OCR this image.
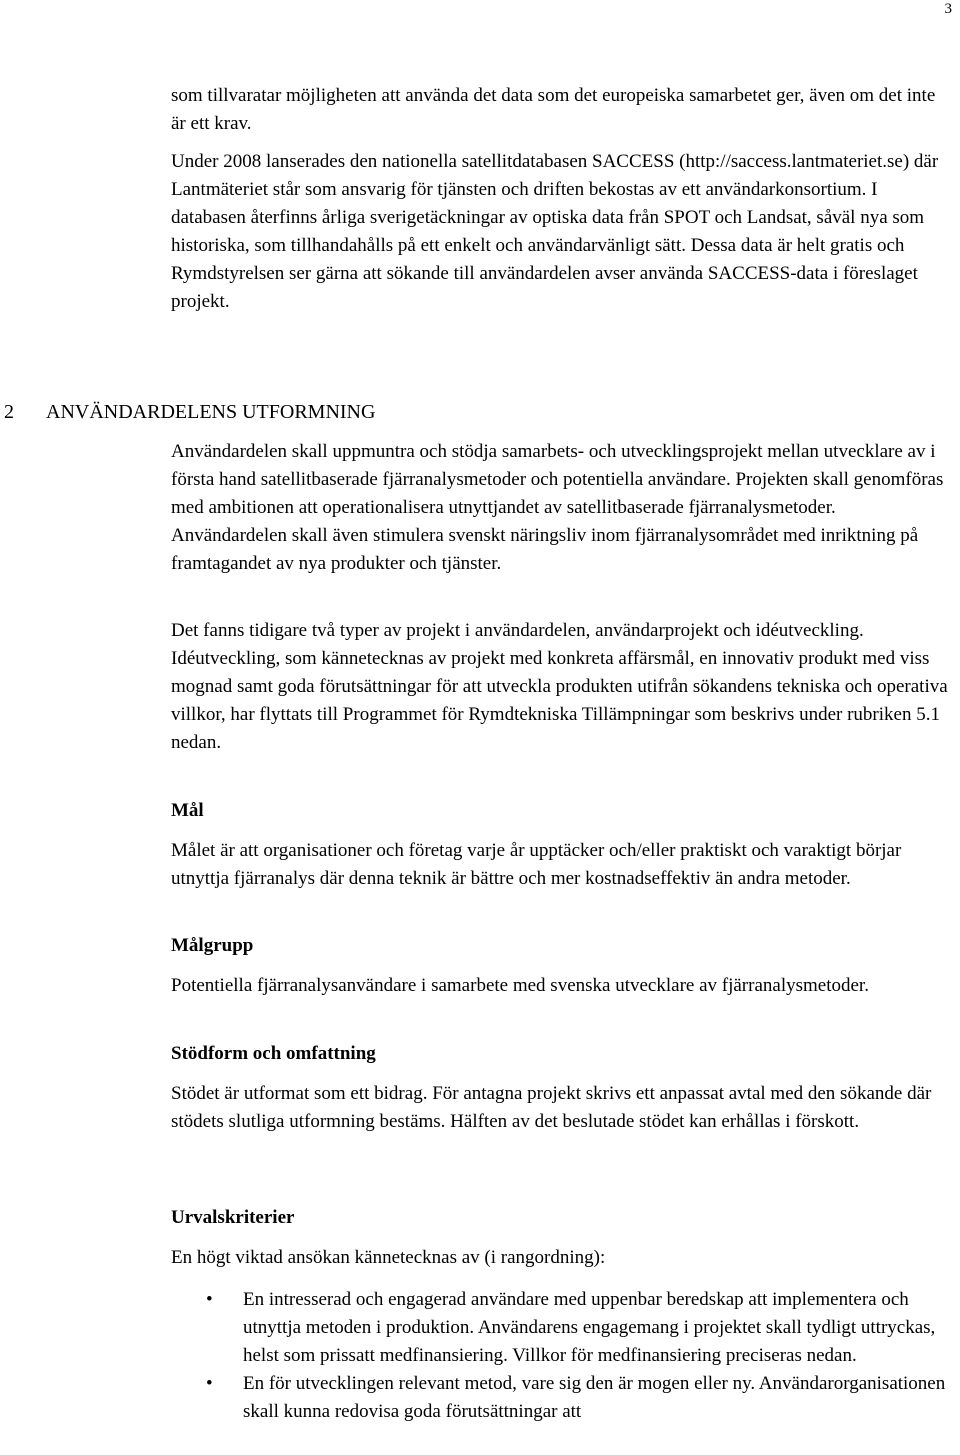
3

som tillvaratar möjligheten att använda det data som det europeiska samarbetet ger, även om det inte är ett krav.

Under 2008 lanserades den nationella satellitdatabasen SACCESS (http://saccess.lantmateriet.se) där Lantmäteriet står som ansvarig för tjänsten och driften bekostas av ett användarkonsortium. I databasen återfinns årliga sverigetäckningar av optiska data från SPOT och Landsat, såväl nya som historiska, som tillhandahålls på ett enkelt och användarvänligt sätt. Dessa data är helt gratis och Rymdstyrelsen ser gärna att sökande till användardelen avser använda SACCESS-data i föreslaget projekt.

2 ANVÄNDARDELENS UTFORMNING

Användardelen skall uppmuntra och stödja samarbets- och utvecklingsprojekt mellan utvecklare av i första hand satellitbaserade fjärranalysmetoder och potentiella användare. Projekten skall genomföras med ambitionen att operationalisera utnyttjandet av satellitbaserade fjärranalysmetoder. Användardelen skall även stimulera svenskt näringsliv inom fjärranalysområdet med inriktning på framtagandet av nya produkter och tjänster.

Det fanns tidigare två typer av projekt i användardelen, användarprojekt och idéutveckling. Idéutveckling, som kännetecknas av projekt med konkreta affärsmål, en innovativ produkt med viss mognad samt goda förutsättningar för att utveckla produkten utifrån sökandens tekniska och operativa villkor, har flyttats till Programmet för Rymdtekniska Tillämpningar som beskrivs under rubriken 5.1 nedan.

Mål

Målet är att organisationer och företag varje år upptäcker och/eller praktiskt och varaktigt börjar utnyttja fjärranalys där denna teknik är bättre och mer kostnadseffektiv än andra metoder.

Målgrupp

Potentiella fjärranalysanvändare i samarbete med svenska utvecklare av fjärranalysmetoder.

Stödform och omfattning

Stödet är utformat som ett bidrag. För antagna projekt skrivs ett anpassat avtal med den sökande där stödets slutliga utformning bestäms. Hälften av det beslutade stödet kan erhållas i förskott.

Urvalskriterier

En högt viktad ansökan kännetecknas av (i rangordning):

• En intresserad och engagerad användare med uppenbar beredskap att implementera och utnyttja metoden i produktion. Användarens engagemang i projektet skall tydligt uttryckas, helst som prissatt medfinansiering. Villkor för medfinansiering preciseras nedan.
• En för utvecklingen relevant metod, vare sig den är mogen eller ny. Användarorganisationen skall kunna redovisa goda förutsättningar att
